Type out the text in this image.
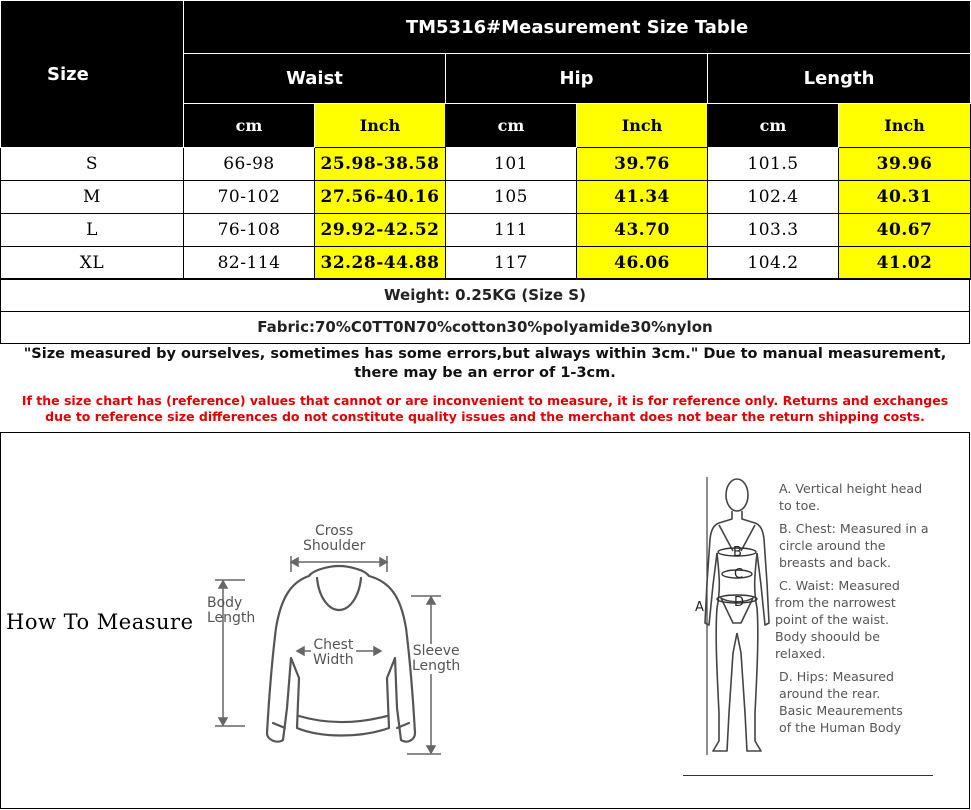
Size	TM5316#Measurement Size Table					
	Waist		Hip		Length	
	cm	Inch	cm	Inch	cm	Inch
S	66-98	25.98-38.58	101	39.76	101.5	39.96
M	70-102	27.56-40.16	105	41.34	102.4	40.31
L	76-108	29.92-42.52	111	43.70	103.3	40.67
XL	82-114	32.28-44.88	117	46.06	104.2	41.02
Weight: 0.25KG (Size S)
Fabric:70%C0TT0N70%cotton30%polyamide30%nylon
"Size measured by ourselves, sometimes has some errors,but always within 3cm." Due to manual measurement, there may be an error of 1-3cm.
If the size chart has (reference) values that cannot or are inconvenient to measure, it is for reference only. Returns and exchanges due to reference size differences do not constitute quality issues and the merchant does not bear the return shipping costs.
How To Measure
Cross
Shoulder
Body
Length
Chest
Width
Sleeve
Length
A
B
C
D
A. Vertical height head
to toe.
B. Chest: Measured in a
circle around the
breasts and back.
C. Waist: Measured
from the narrowest
point of the waist.
Body shoould be
relaxed.
D. Hips: Measured
around the rear.
Basic Meaurements
of the Human Body
